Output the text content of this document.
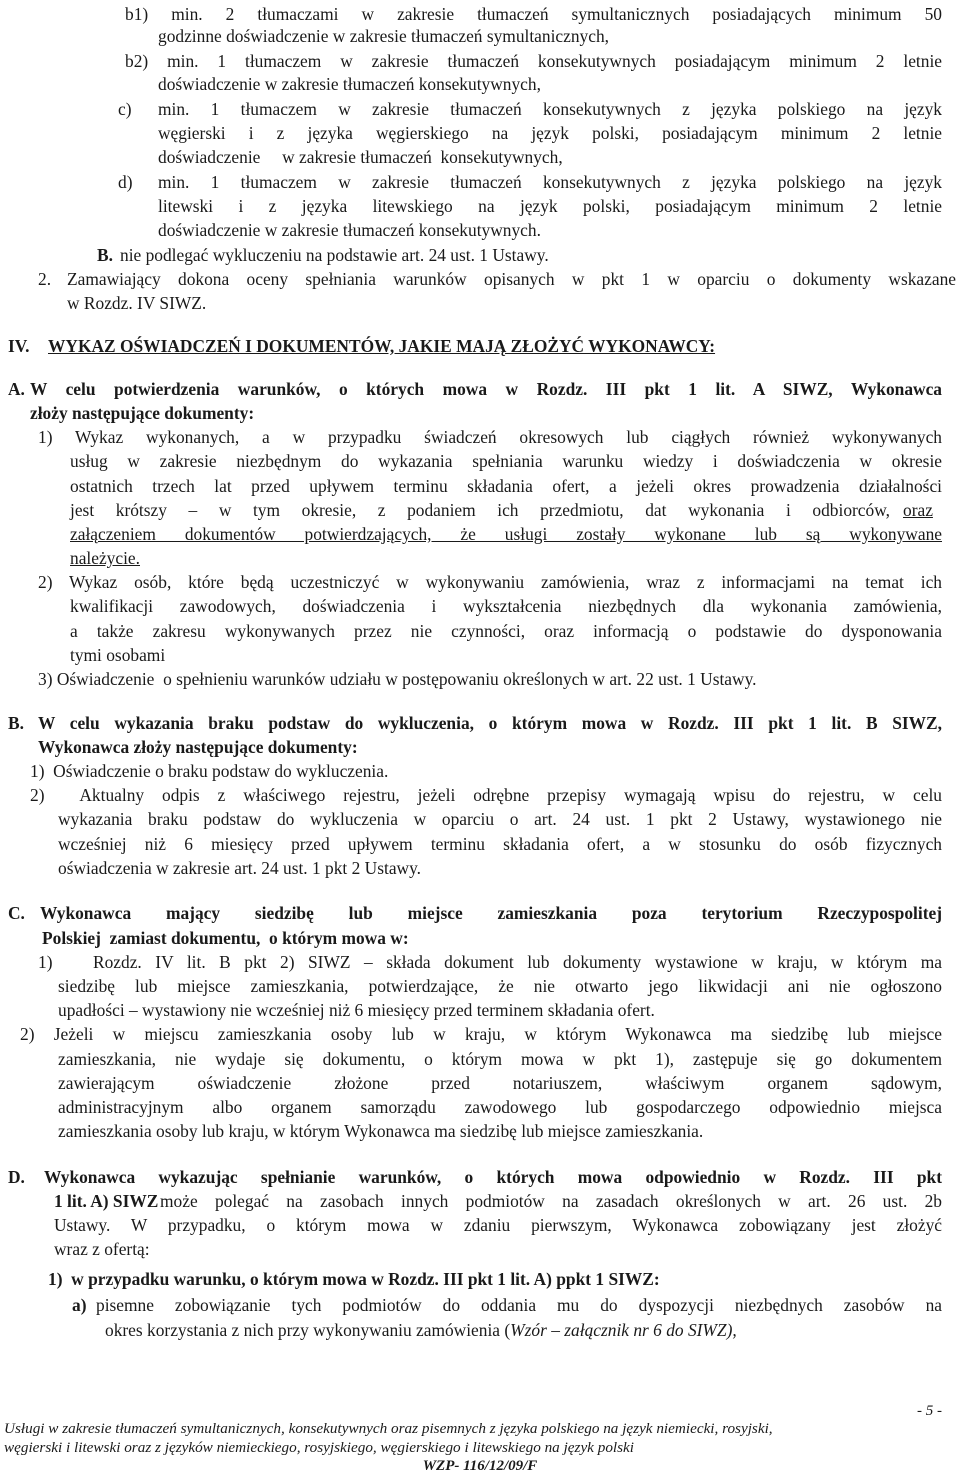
b1) min. 2 tłumaczami w zakresie tłumaczeń symultanicznych posiadających minimum 50
godzinne doświadczenie w zakresie tłumaczeń symultanicznych,
b2) min. 1 tłumaczem w zakresie tłumaczeń konsekutywnych posiadającym minimum 2 letnie
doświadczenie w zakresie tłumaczeń konsekutywnych,
c) min. 1 tłumaczem w zakresie tłumaczeń konsekutywnych z języka polskiego na język
węgierski i z języka węgierskiego na język polski, posiadającym minimum 2 letnie
doświadczenie     w zakresie tłumaczeń  konsekutywnych,
d) min. 1 tłumaczem w zakresie tłumaczeń konsekutywnych z języka polskiego na język
litewski i z języka litewskiego na język polski, posiadającym minimum 2 letnie
doświadczenie w zakresie tłumaczeń konsekutywnych.
B. nie podlegać wykluczeniu na podstawie art. 24 ust. 1 Ustawy.
2. Zamawiający dokona oceny spełniania warunków opisanych w pkt 1 w oparciu o dokumenty wskazane
w Rozdz. IV SIWZ.
IV. WYKAZ OŚWIADCZEŃ I DOKUMENTÓW, JAKIE MAJĄ ZŁOŻYĆ WYKONAWCY:
A. W celu potwierdzenia warunków, o których mowa w Rozdz. III pkt 1 lit. A SIWZ, Wykonawca
złoży następujące dokumenty:
1) Wykaz wykonanych, a w przypadku świadczeń okresowych lub ciągłych również wykonywanych
usług w zakresie niezbędnym do wykazania spełniania warunku wiedzy i doświadczenia w okresie
ostatnich trzech lat przed upływem terminu składania ofert, a jeżeli okres prowadzenia działalności
jest krótszy – w tym okresie, z podaniem ich przedmiotu, dat wykonania i odbiorców, oraz
załączeniem dokumentów potwierdzających, że usługi zostały wykonane lub są wykonywane
należycie.
2) Wykaz osób, które będą uczestniczyć w wykonywaniu zamówienia, wraz z informacjami na temat ich
kwalifikacji zawodowych, doświadczenia i wykształcenia niezbędnych dla wykonania zamówienia,
a także zakresu wykonywanych przez nie czynności, oraz informacją o podstawie do dysponowania
tymi osobami
3) Oświadczenie  o spełnieniu warunków udziału w postępowaniu określonych w art. 22 ust. 1 Ustawy.
B. W celu wykazania braku podstaw do wykluczenia, o którym mowa w Rozdz. III pkt 1 lit. B SIWZ,
Wykonawca złoży następujące dokumenty:
1)  Oświadczenie o braku podstaw do wykluczenia.
2)  Aktualny odpis z właściwego rejestru, jeżeli odrębne przepisy wymagają wpisu do rejestru, w celu
wykazania braku podstaw do wykluczenia w oparciu o art. 24 ust. 1 pkt 2 Ustawy, wystawionego nie
wcześniej niż 6 miesięcy przed upływem terminu składania ofert, a w stosunku do osób fizycznych
oświadczenia w zakresie art. 24 ust. 1 pkt 2 Ustawy.
C. Wykonawca mający siedzibę lub miejsce zamieszkania poza terytorium Rzeczypospolitej
Polskiej  zamiast dokumentu,  o którym mowa w:
1)   Rozdz. IV lit. B pkt 2) SIWZ – składa dokument lub dokumenty wystawione w kraju, w którym ma
siedzibę lub miejsce zamieszkania, potwierdzające, że nie otwarto jego likwidacji ani nie ogłoszono
upadłości – wystawiony nie wcześniej niż 6 miesięcy przed terminem składania ofert.
2) Jeżeli w miejscu zamieszkania osoby lub w kraju, w którym Wykonawca ma siedzibę lub miejsce
zamieszkania, nie wydaje się dokumentu, o którym mowa w pkt 1), zastępuje się go dokumentem
zawierającym oświadczenie złożone przed notariuszem, właściwym organem sądowym,
administracyjnym albo organem samorządu zawodowego lub gospodarczego odpowiednio miejsca
zamieszkania osoby lub kraju, w którym Wykonawca ma siedzibę lub miejsce zamieszkania.
D. Wykonawca wykazując spełnianie warunków, o których mowa odpowiednio w Rozdz. III pkt
1 lit. A) SIWZ może polegać na zasobach innych podmiotów na zasadach określonych w art. 26 ust. 2b
Ustawy. W przypadku, o którym mowa w zdaniu pierwszym, Wykonawca zobowiązany jest złożyć
wraz z ofertą:
1)  w przypadku warunku, o którym mowa w Rozdz. III pkt 1 lit. A) ppkt 1 SIWZ:
a) pisemne zobowiązanie tych podmiotów do oddania mu do dyspozycji niezbędnych zasobów na
okres korzystania z nich przy wykonywaniu zamówienia (Wzór – załącznik nr 6 do SIWZ),
- 5 -
Usługi w zakresie tłumaczeń symultanicznych, konsekutywnych oraz pisemnych z języka polskiego na język niemiecki, rosyjski,
węgierski i litewski oraz z języków niemieckiego, rosyjskiego, węgierskiego i litewskiego na język polski
WZP- 116/12/09/F
